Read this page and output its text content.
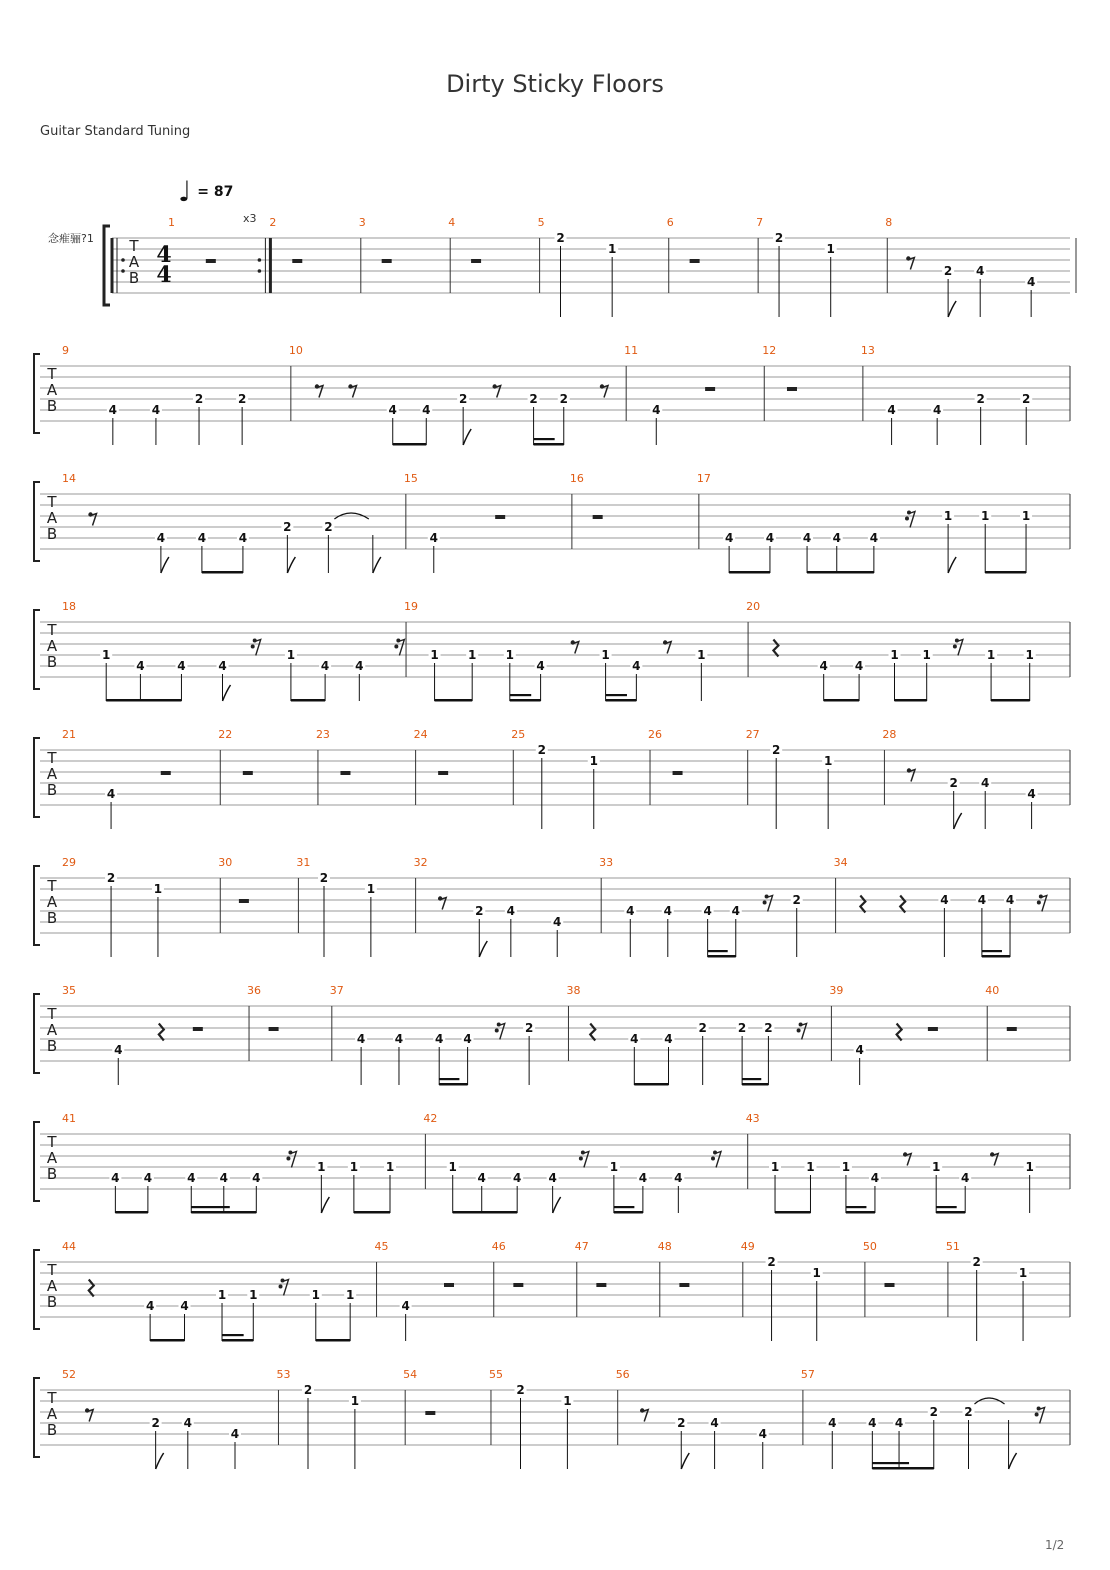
Dirty Sticky Floors
Guitar Standard Tuning
♩ = 87
念痽骊?1
x3
1/2
T
A
B
4
4
1	2	3	4	5
2
1
6	7
2
1
8
2 4
4
T
A
B
9
4	4
2	2
10
4 4
2	2 2
11
4
12	13
4	4
2	2
T
A
B
14
4	4	4
2	2
15
4
16	17
4	4 4 4 4
1 1	1
T
A
B
18
1
4	4	4
1
4 4
19
1 1 1
4
1
4
1
20
4 4
1 1	1	1
T
A
B
21
4
22	23	24	25
2
1
26	27
2
1
28
2 4
4
T
A
B
29
2
1
30	31
2
1
32
2 4
4
33
4 4	4 4
2
34
4 4 4
T
A
B
35
4
36	37
4 4	4 4
2
38
4 4
2	2 2
39
4
40
T
A
B
41
4 4	4 4 4
1 1 1
42
1
4 4 4
1
4 4
43
1 1 1
4
1
4
1
T
A
B
44
4 4
1 1	1 1
45
4
46	47	48	49
2
1
50	51
2
1
T
A
B
52
2 4
4
53
2
1
54	55
2
1
56
2 4
4
57
4	4 4
2 2
